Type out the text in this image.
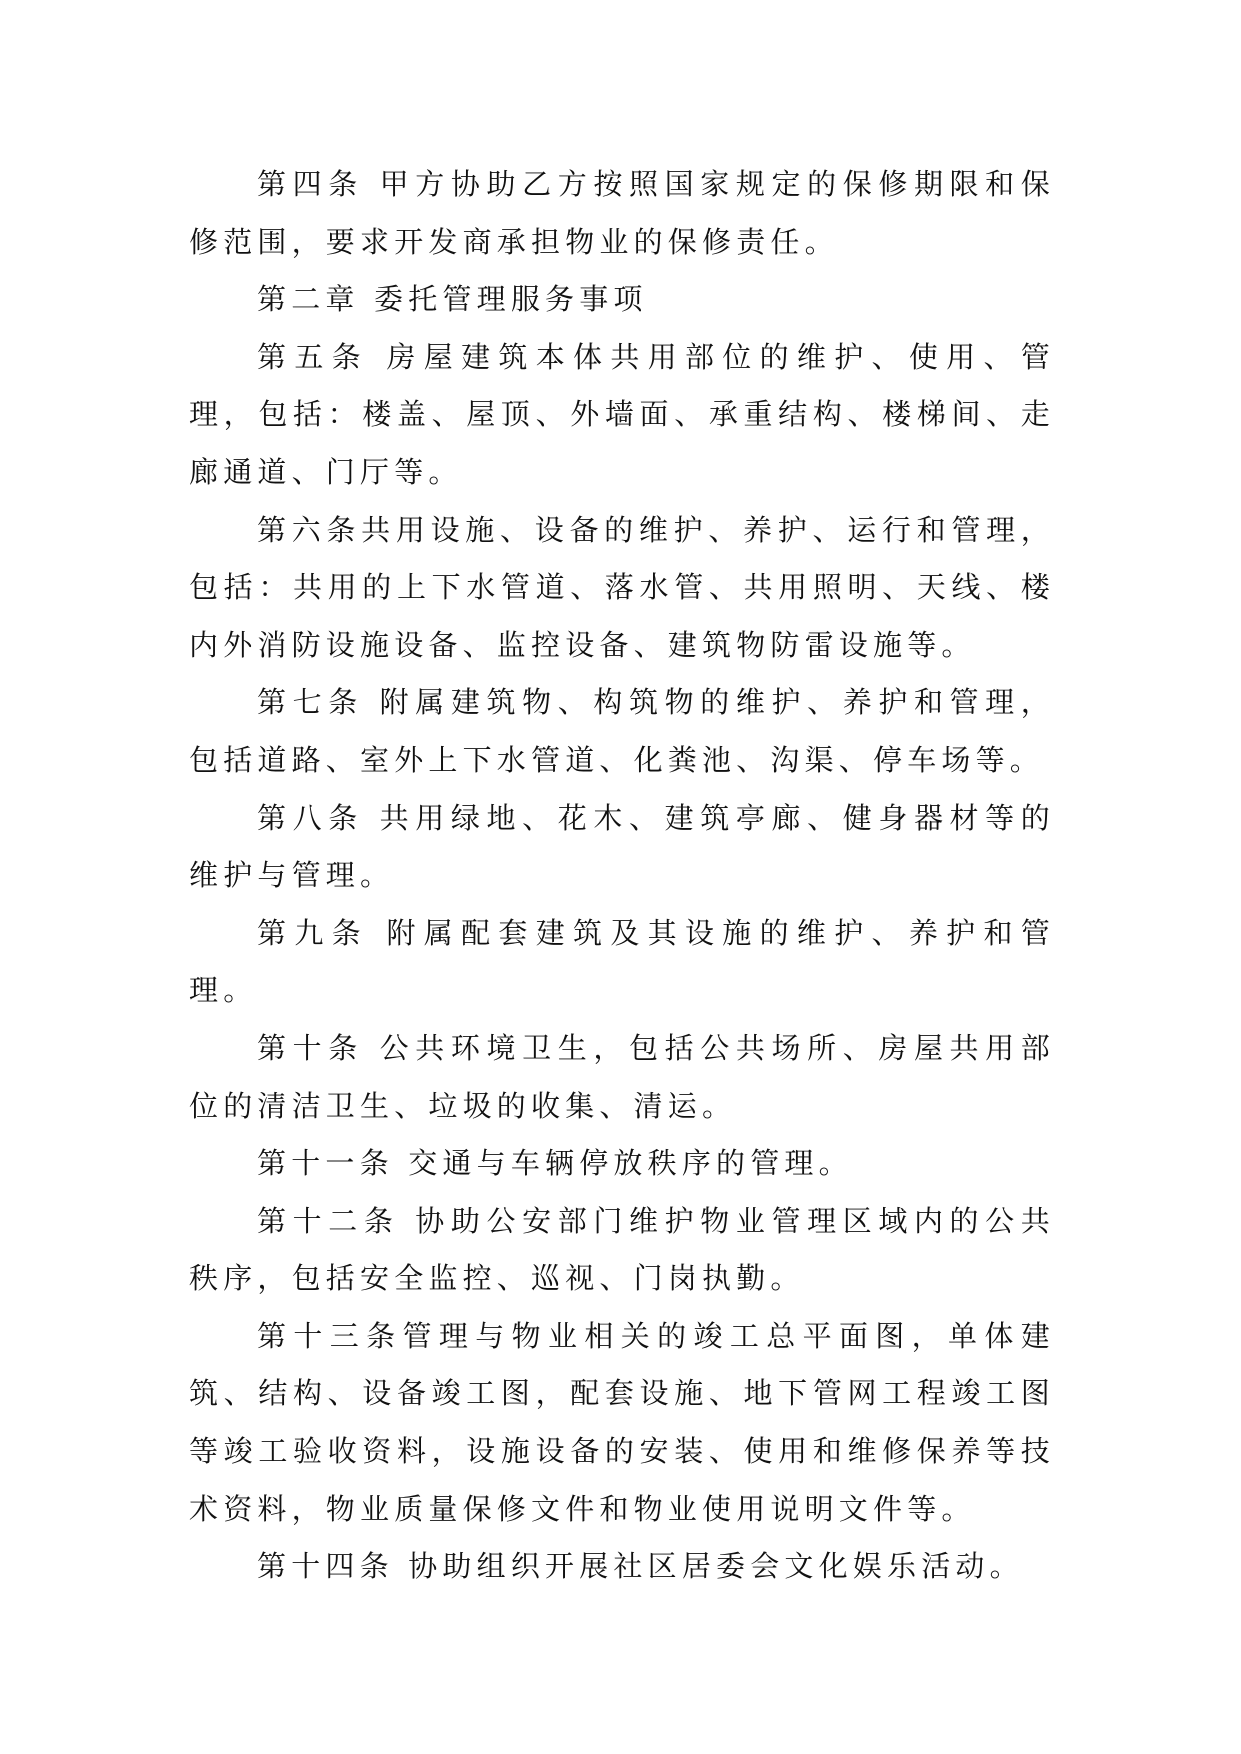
第四条 甲方协助乙方按照国家规定的保修期限和保修范围，要求开发商承担物业的保修责任。

第二章 委托管理服务事项

第五条 房屋建筑本体共用部位的维护、使用、管理，包括：楼盖、屋顶、外墙面、承重结构、楼梯间、走廊通道、门厅等。

第六条共用设施、设备的维护、养护、运行和管理，包括：共用的上下水管道、落水管、共用照明、天线、楼内外消防设施设备、监控设备、建筑物防雷设施等。

第七条 附属建筑物、构筑物的维护、养护和管理，包括道路、室外上下水管道、化粪池、沟渠、停车场等。

第八条 共用绿地、花木、建筑亭廊、健身器材等的维护与管理。

第九条 附属配套建筑及其设施的维护、养护和管理。

第十条 公共环境卫生，包括公共场所、房屋共用部位的清洁卫生、垃圾的收集、清运。

第十一条 交通与车辆停放秩序的管理。

第十二条 协助公安部门维护物业管理区域内的公共秩序，包括安全监控、巡视、门岗执勤。

第十三条管理与物业相关的竣工总平面图，单体建筑、结构、设备竣工图，配套设施、地下管网工程竣工图等竣工验收资料，设施设备的安装、使用和维修保养等技术资料，物业质量保修文件和物业使用说明文件等。

第十四条 协助组织开展社区居委会文化娱乐活动。
